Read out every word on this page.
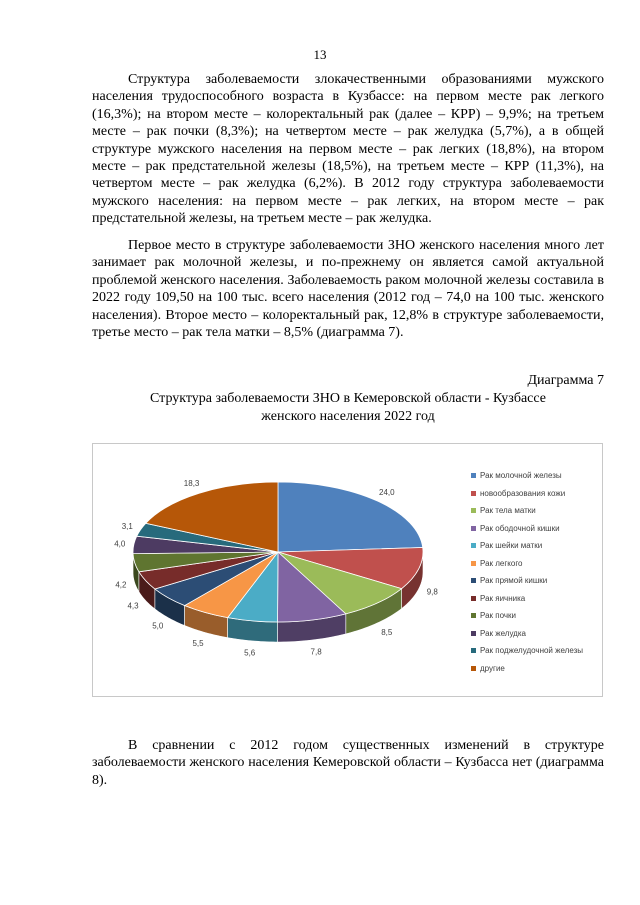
13

Структура заболеваемости злокачественными образованиями мужского населения трудоспособного возраста в Кузбассе: на первом месте рак легкого (16,3%); на втором месте – колоректальный рак (далее – КРР) – 9,9%; на третьем месте – рак почки (8,3%); на четвертом месте – рак желудка (5,7%), а в общей структуре мужского населения на первом месте – рак легких (18,8%), на втором месте – рак предстательной железы (18,5%), на третьем месте – КРР (11,3%), на четвертом месте – рак желудка (6,2%). В 2012 году структура заболеваемости мужского населения: на первом месте – рак легких, на втором месте – рак предстательной железы, на третьем месте – рак желудка.

Первое место в структуре заболеваемости ЗНО женского населения много лет занимает рак молочной железы, и по-прежнему он является самой актуальной проблемой женского населения. Заболеваемость раком молочной железы составила в 2022 году 109,50 на 100 тыс. всего населения (2012 год – 74,0 на 100 тыс. женского населения). Второе место – колоректальный рак, 12,8% в структуре заболеваемости, третье место – рак тела матки – 8,5% (диаграмма 7).

Диаграмма 7
Структура заболеваемости ЗНО в Кемеровской области - Кузбассе
женского населения 2022 год
24,0
9,8
8,5
7,8
5,6
5,5
5,0
4,3
4,2
4,0
3,1
18,3
Рак молочной железы
новообразования кожи
Рак тела матки
Рак ободочной кишки
Рак шейки матки
Рак легкого
Рак прямой кишки
Рак яичника
Рак почки
Рак желудка
Рак поджелудочной железы
другие

В сравнении с 2012 годом существенных изменений в структуре заболеваемости женского населения Кемеровской области – Кузбасса нет (диаграмма 8).
